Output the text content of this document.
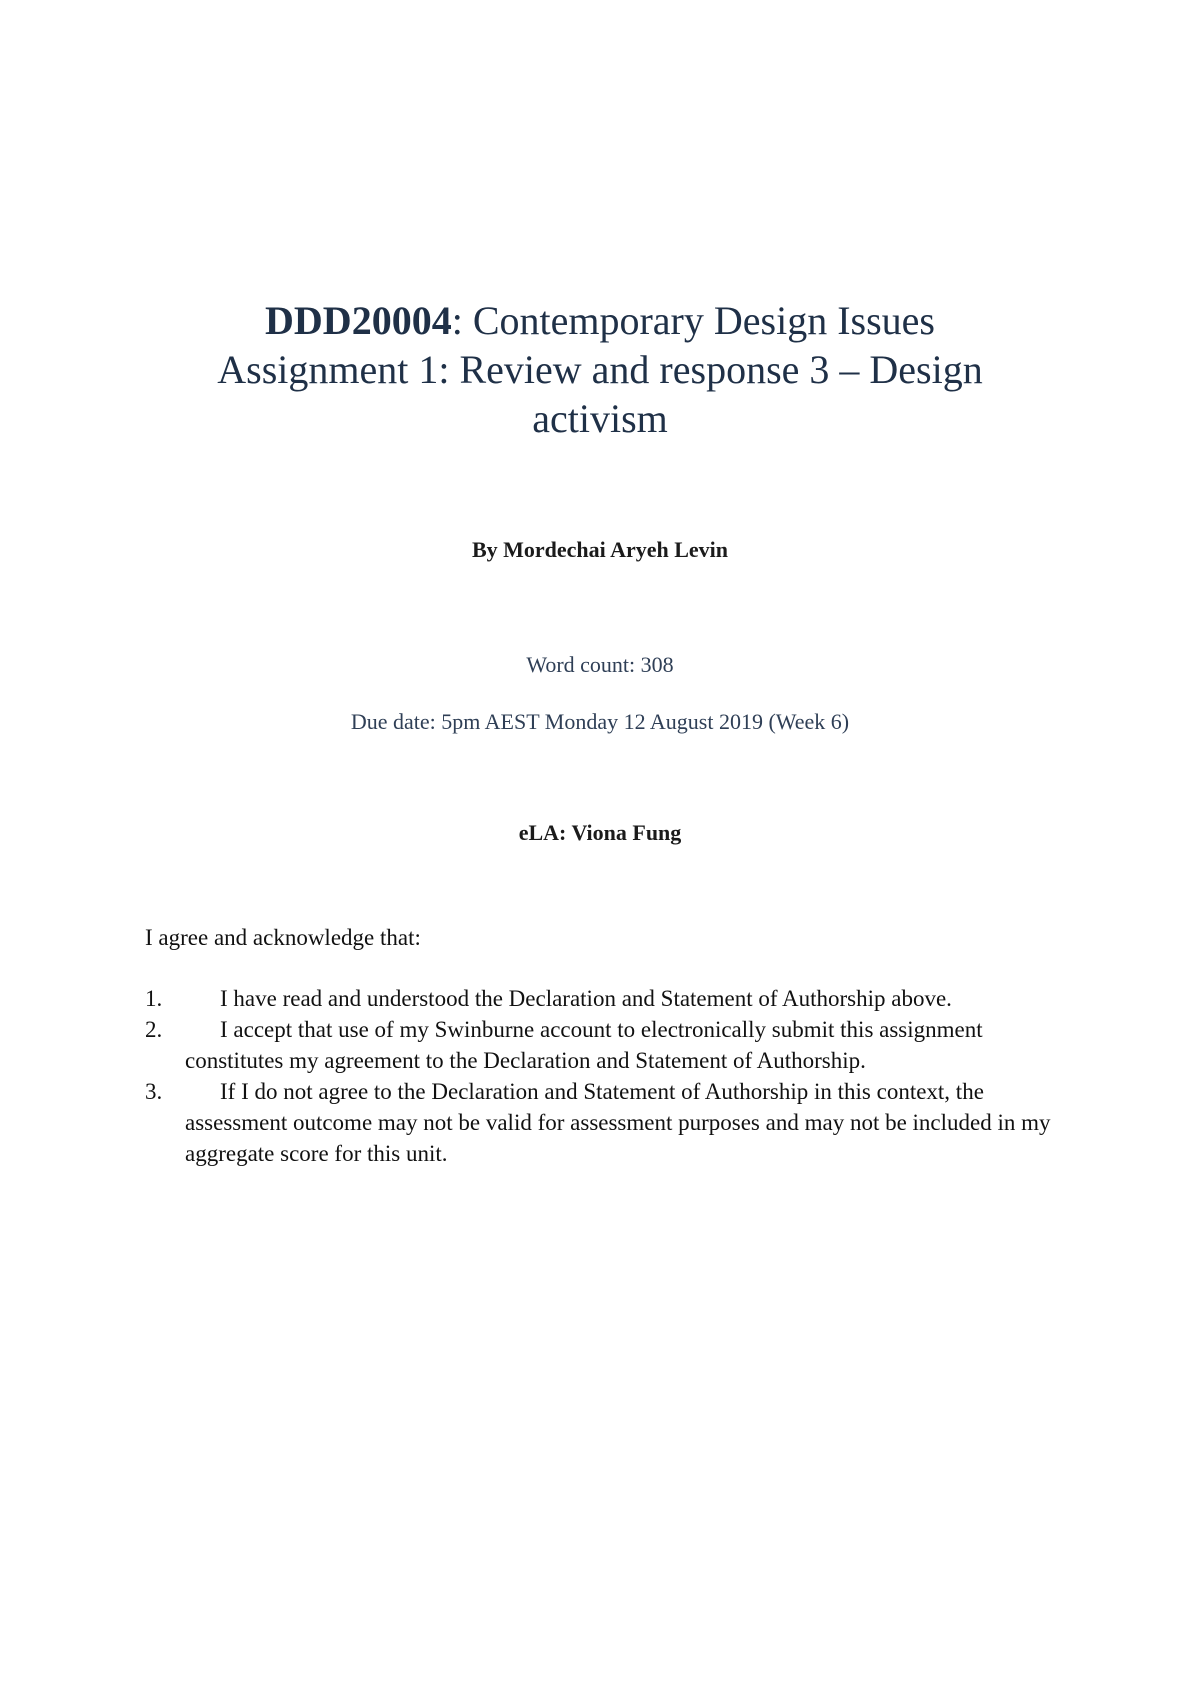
DDD20004: Contemporary Design Issues
Assignment 1: Review and response 3 – Design
activism
By Mordechai Aryeh Levin
Word count: 308
Due date: 5pm AEST Monday 12 August 2019 (Week 6)
eLA: Viona Fung
I agree and acknowledge that:
1.	I have read and understood the Declaration and Statement of Authorship above.
2.	I accept that use of my Swinburne account to electronically submit this assignment constitutes my agreement to the Declaration and Statement of Authorship.
3.	If I do not agree to the Declaration and Statement of Authorship in this context, the assessment outcome may not be valid for assessment purposes and may not be included in my aggregate score for this unit.
